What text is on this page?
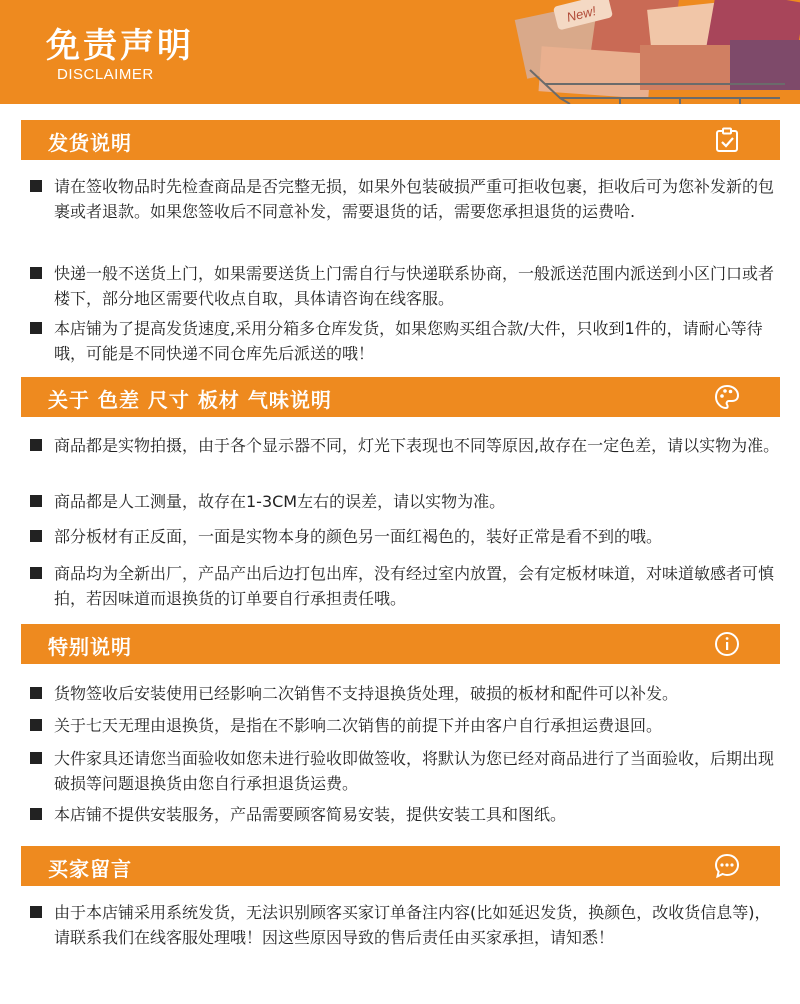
免责声明
DISCLAIMER
New!
发货说明
请在签收物品时先检查商品是否完整无损，如果外包装破损严重可拒收包裹，拒收后可为您补发新的包裹或者退款。如果您签收后不同意补发，需要退货的话，需要您承担退货的运费哈.
快递一般不送货上门，如果需要送货上门需自行与快递联系协商，一般派送范围内派送到小区门口或者楼下，部分地区需要代收点自取，具体请咨询在线客服。
本店铺为了提高发货速度,采用分箱多仓库发货，如果您购买组合款/大件，只收到1件的，请耐心等待哦，可能是不同快递不同仓库先后派送的哦！
关于 色差 尺寸 板材 气味说明
商品都是实物拍摄，由于各个显示器不同，灯光下表现也不同等原因,故存在一定色差，请以实物为准。
商品都是人工测量，故存在1-3CM左右的误差，请以实物为准。
部分板材有正反面，一面是实物本身的颜色另一面红褐色的，装好正常是看不到的哦。
商品均为全新出厂，产品产出后边打包出库，没有经过室内放置，会有定板材味道，对味道敏感者可慎拍，若因味道而退换货的订单要自行承担责任哦。
特别说明
货物签收后安装使用已经影响二次销售不支持退换货处理，破损的板材和配件可以补发。
关于七天无理由退换货，是指在不影响二次销售的前提下并由客户自行承担运费退回。
大件家具还请您当面验收如您未进行验收即做签收，将默认为您已经对商品进行了当面验收，后期出现破损等问题退换货由您自行承担退货运费。
本店铺不提供安装服务，产品需要顾客简易安装，提供安装工具和图纸。
买家留言
由于本店铺采用系统发货，无法识别顾客买家订单备注内容(比如延迟发货，换颜色，改收货信息等)，请联系我们在线客服处理哦！因这些原因导致的售后责任由买家承担，请知悉！
